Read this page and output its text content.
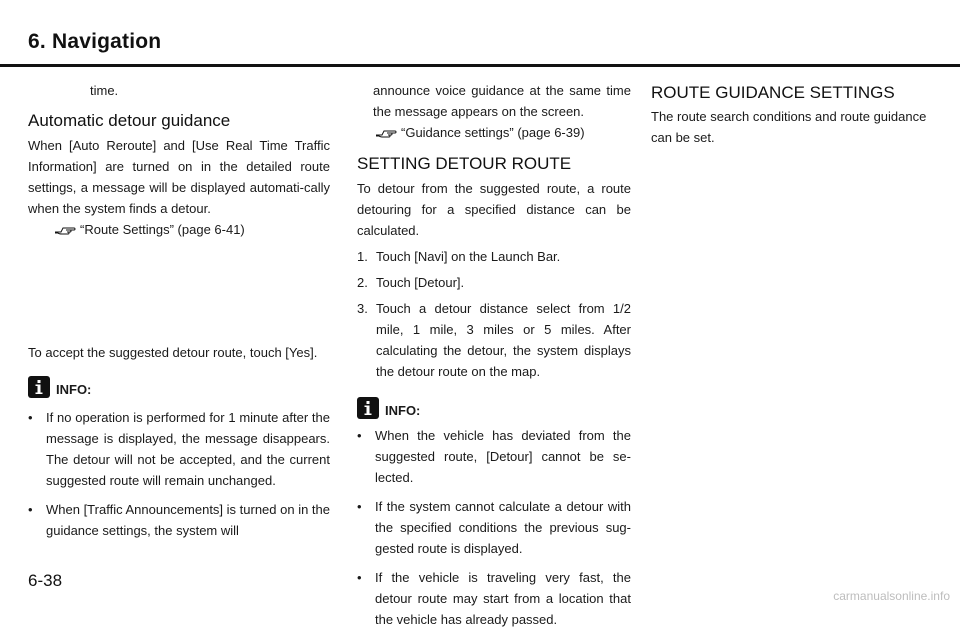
6. Navigation

time.

Automatic detour guidance

When [Auto Reroute] and [Use Real Time Traffic Information] are turned on in the detailed route settings, a message will be displayed automati-cally when the system finds a detour.

“Route Settings” (page 6-41)

To accept the suggested detour route, touch [Yes].

INFO:
•	If no operation is performed for 1 minute after the message is displayed, the message disappears. The detour will not be accepted, and the current suggested route will remain unchanged.
•	When [Traffic Announcements] is turned on in the guidance settings, the system will

announce voice guidance at the same time the message appears on the screen.

“Guidance settings” (page 6-39)
SETTING DETOUR ROUTE

To detour from the suggested route, a route detouring for a specified distance can be calculated.

1. Touch [Navi] on the Launch Bar.
2. Touch [Detour].
3. Touch a detour distance select from 1/2 mile, 1 mile, 3 miles or 5 miles. After calculating the detour, the system displays the detour route on the map.
INFO:
•	When the vehicle has deviated from the suggested route, [Detour] cannot be se-lected.
•	If the system cannot calculate a detour with the specified conditions the previous sug-gested route is displayed.
•	If the vehicle is traveling very fast, the detour route may start from a location that the vehicle has already passed.
ROUTE GUIDANCE SETTINGS

The route search conditions and route guidance can be set.

6-38
carmanualsonline.info
